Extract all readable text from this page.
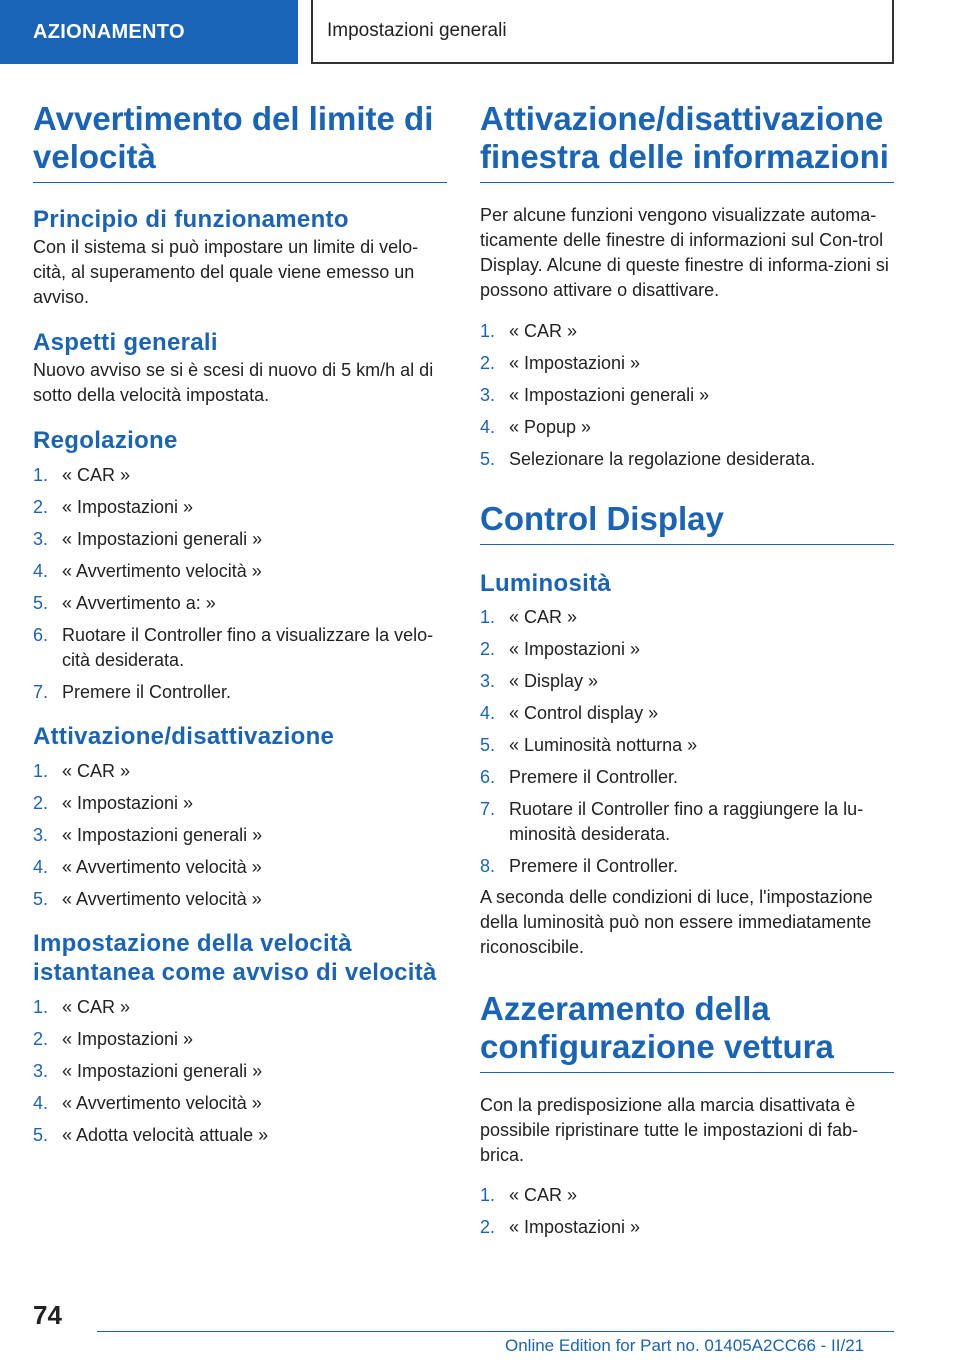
AZIONAMENTO	Impostazioni generali
Avvertimento del limite di velocità
Principio di funzionamento

Con il sistema si può impostare un limite di velo-cità, al superamento del quale viene emesso un avviso.

Aspetti generali

Nuovo avviso se si è scesi di nuovo di 5 km/h al di sotto della velocità impostata.

Regolazione
1. « CAR »
2. « Impostazioni »
3. « Impostazioni generali »
4. « Avvertimento velocità »
5. « Avvertimento a: »
6. Ruotare il Controller fino a visualizzare la velo-cità desiderata.
7. Premere il Controller.
Attivazione/disattivazione
1. « CAR »
2. « Impostazioni »
3. « Impostazioni generali »
4. « Avvertimento velocità »
5. « Avvertimento velocità »
Impostazione della velocità istantanea come avviso di velocità
1. « CAR »
2. « Impostazioni »
3. « Impostazioni generali »
4. « Avvertimento velocità »
5. « Adotta velocità attuale »
Attivazione/disattivazione finestra delle informazioni

Per alcune funzioni vengono visualizzate automa-ticamente delle finestre di informazioni sul Con-trol Display. Alcune di queste finestre di informa-zioni si possono attivare o disattivare.

1. « CAR »
2. « Impostazioni »
3. « Impostazioni generali »
4. « Popup »
5. Selezionare la regolazione desiderata.
Control Display
Luminosità
1. « CAR »
2. « Impostazioni »
3. « Display »
4. « Control display »
5. « Luminosità notturna »
6. Premere il Controller.
7. Ruotare il Controller fino a raggiungere la lu-minosità desiderata.
8. Premere il Controller.

A seconda delle condizioni di luce, l'impostazione della luminosità può non essere immediatamente riconoscibile.

Azzeramento della configurazione vettura

Con la predisposizione alla marcia disattivata è possibile ripristinare tutte le impostazioni di fab-brica.

1. « CAR »
2. « Impostazioni »
74
Online Edition for Part no. 01405A2CC66 - II/21
